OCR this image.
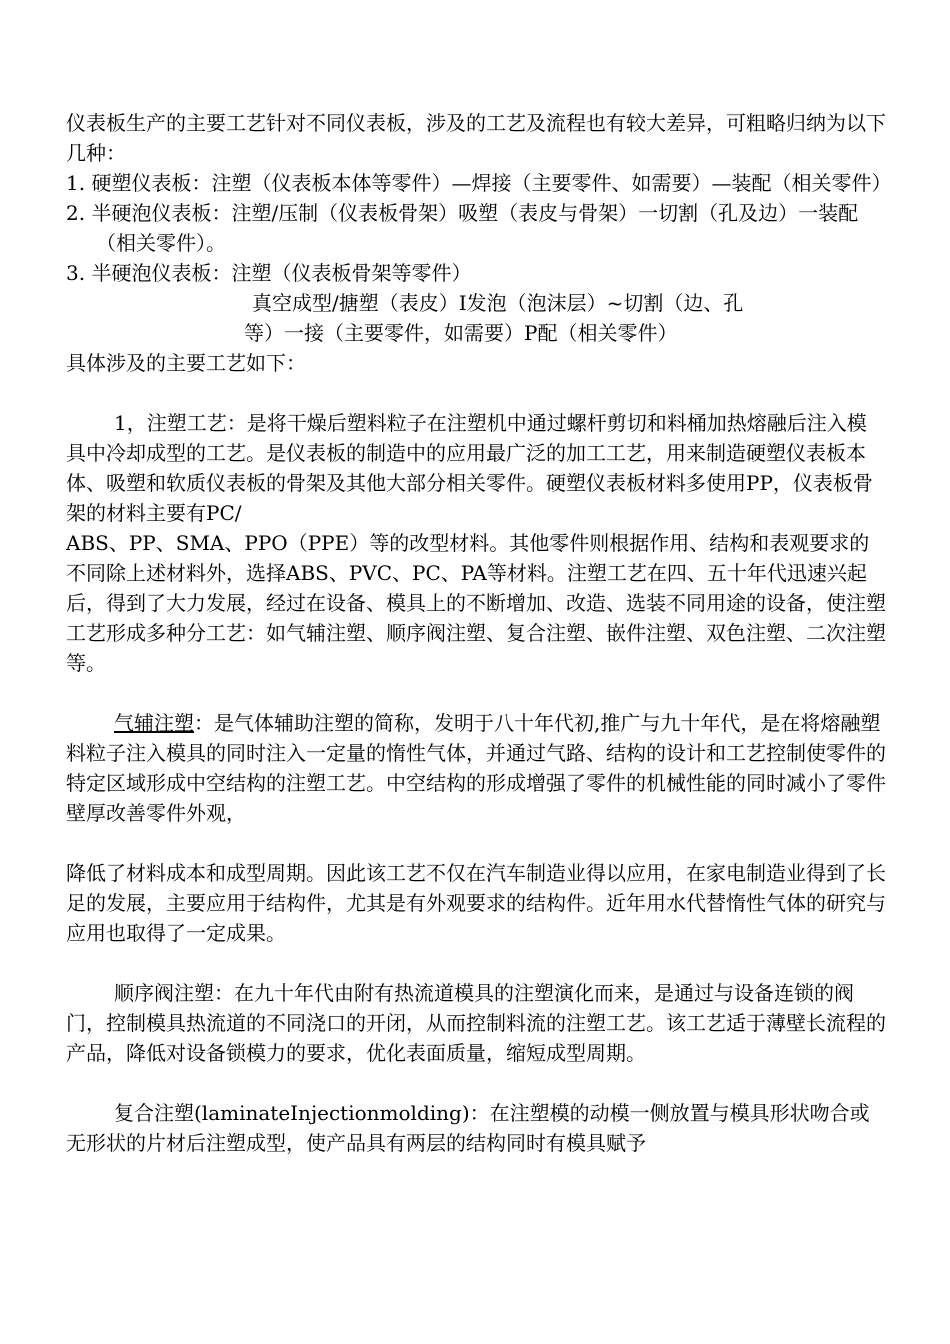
仪表板生产的主要工艺针对不同仪表板，涉及的工艺及流程也有较大差异，可粗略归纳为以下几种：

1. 硬塑仪表板：注塑（仪表板本体等零件）—焊接（主要零件、如需要）—装配（相关零件）

2. 半硬泡仪表板：注塑/压制（仪表板骨架）吸塑（表皮与骨架）一切割（孔及边）一装配（相关零件）。

3. 半硬泡仪表板：注塑（仪表板骨架等零件）

真空成型/搪塑（表皮）Ⅰ发泡（泡沫层）~切割（边、孔

等）一接（主要零件，如需要）P配（相关零件）

具体涉及的主要工艺如下：

1，注塑工艺：是将干燥后塑料粒子在注塑机中通过螺杆剪切和料桶加热熔融后注入模具中冷却成型的工艺。是仪表板的制造中的应用最广泛的加工工艺，用来制造硬塑仪表板本体、吸塑和软质仪表板的骨架及其他大部分相关零件。硬塑仪表板材料多使用PP，仪表板骨架的材料主要有PC/

ABS、PP、SMA、PPO（PPE）等的改型材料。其他零件则根据作用、结构和表观要求的不同除上述材料外，选择ABS、PVC、PC、PA等材料。注塑工艺在四、五十年代迅速兴起后，得到了大力发展，经过在设备、模具上的不断增加、改造、选装不同用途的设备，使注塑工艺形成多种分工艺：如气辅注塑、顺序阀注塑、复合注塑、嵌件注塑、双色注塑、二次注塑等。

气辅注塑：是气体辅助注塑的简称，发明于八十年代初,推广与九十年代，是在将熔融塑料粒子注入模具的同时注入一定量的惰性气体，并通过气路、结构的设计和工艺控制使零件的特定区域形成中空结构的注塑工艺。中空结构的形成增强了零件的机械性能的同时减小了零件壁厚改善零件外观，

降低了材料成本和成型周期。因此该工艺不仅在汽车制造业得以应用，在家电制造业得到了长足的发展，主要应用于结构件，尤其是有外观要求的结构件。近年用水代替惰性气体的研究与应用也取得了一定成果。

顺序阀注塑：在九十年代由附有热流道模具的注塑演化而来，是通过与设备连锁的阀门，控制模具热流道的不同浇口的开闭，从而控制料流的注塑工艺。该工艺适于薄壁长流程的产品，降低对设备锁模力的要求，优化表面质量，缩短成型周期。

复合注塑(laminateInjectionmolding)：在注塑模的动模一侧放置与模具形状吻合或无形状的片材后注塑成型，使产品具有两层的结构同时有模具赋予
